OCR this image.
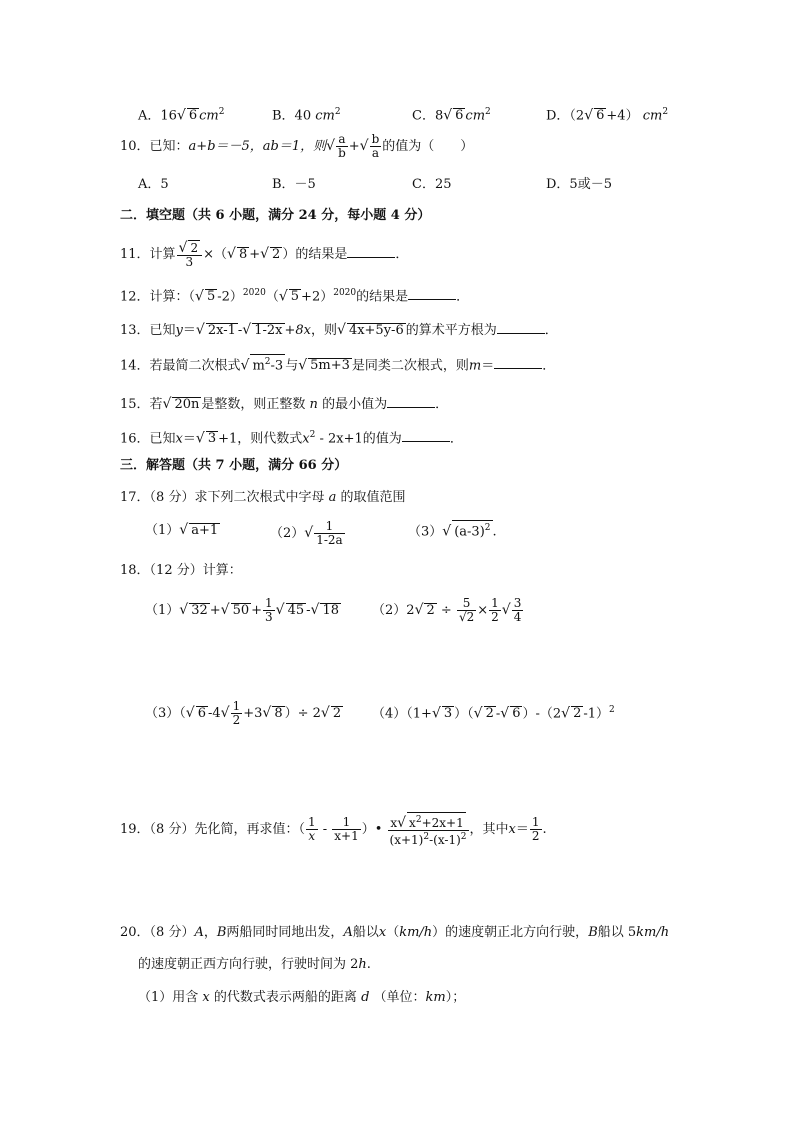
A．16√ 6 $cm^2$	B．40 $cm^2$	C．8√ 6 $cm^2$	D．（2√ 6 +4） $cm^2$
10．已知：a+b＝－5，ab＝1，则√ $\frac{a}{b}$ +√ $\frac{b}{a}$ 的值为（　　）
A．5	B．－5	C．25	D．5或－5
二．填空题（共 6 小题，满分 24 分，每小题 4 分）
11．计算 $\frac{√ 2}{3}$ ×（√ 8 +√ 2 ）的结果是	．
12．计算：（√ 5 -2）$^{2020}$（√ 5 +2）$^{2020}$的结果是	．
13．已知y＝√ 2x-1 -√ 1-2x +8x，则√ 4x+5y-6 的算术平方根为	．
14．若最简二次根式√ $m^2-3$ 与√ 5m+3 是同类二次根式，则m＝	．
15．若√ 20n 是整数，则正整数 n 的最小值为	．
16．已知x＝√ 3 +1，则代数式$x^2 - 2x+1$的值为	．
三．解答题（共 7 小题，满分 66 分）
17．（8 分）求下列二次根式中字母 a 的取值范围
（1）√ a+1	$(2)√ \frac{1}{1-2a}$	（3）√ $(a-3)^2$ .
18．（12 分）计算：
（1）√ 32 +√ $50 + \frac{1}{3}$ √ 45 -√ 18	（2）2√ $2 \div \frac{5}{√2} \times \frac{1}{2}$ √ $\frac{3}{4}$
（3）（√ 6 $-4√ \frac{1}{2} +3√$ 8 ）÷ 2√ 2 （4）（1+√ 3 ）（√ 2 -√ 6 ）-（2√ 2 -1）$^2$
19．（8 分）先化简，再求值：（ $\frac{1}{x} - \frac{1}{x+1}$ ）• $\frac{x√ x^2+2x+1}{(x+1)^2-(x-1)^2}$ ，其中$x= \frac{1}{2}$ .
20．（8 分）A，B两船同时同地出发，A船以x（km/h）的速度朝正北方向行驶，B船以 5km/h
的速度朝正西方向行驶，行驶时间为 2h.
（1）用含 x 的代数式表示两船的距离 d （单位：km）；
